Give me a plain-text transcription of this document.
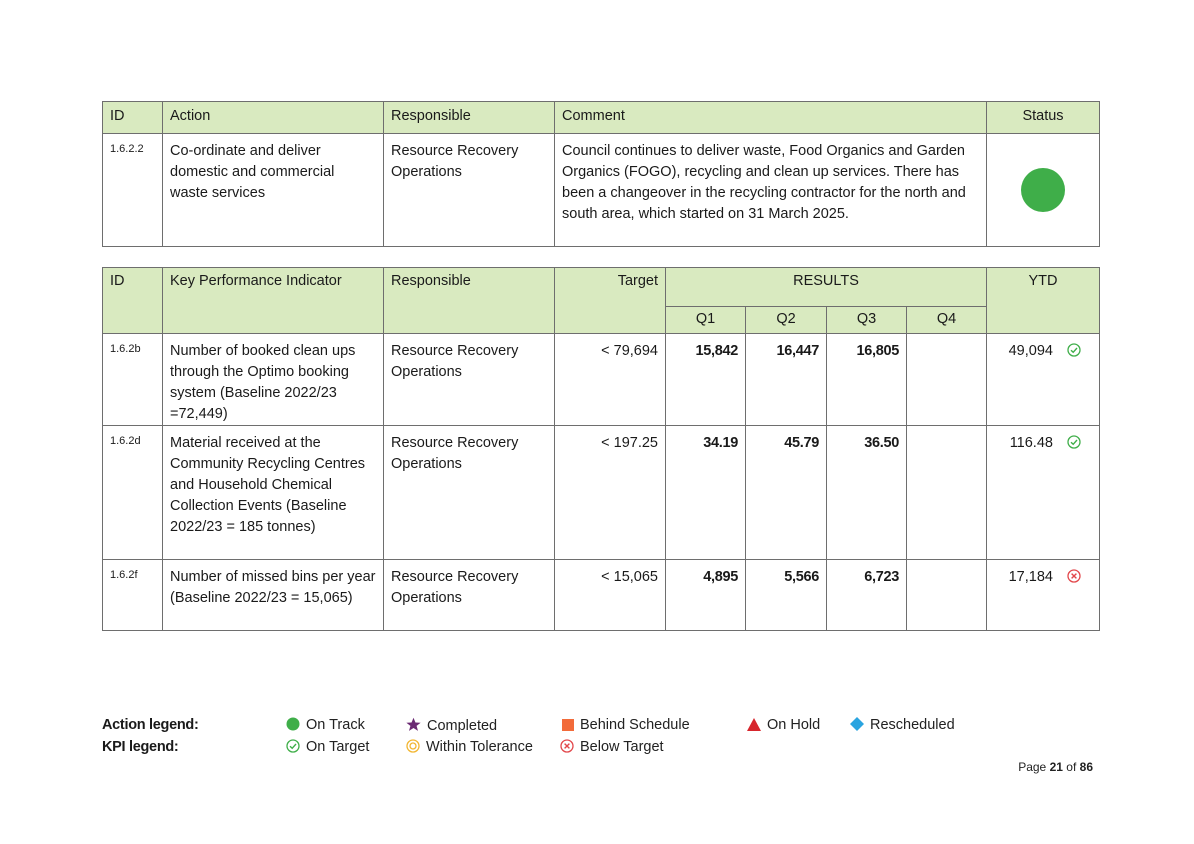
ID	Action	Responsible	Comment	Status
1.6.2.2	Co-ordinate and deliver domestic and commercial waste services	Resource Recovery Operations	Council continues to deliver waste, Food Organics and Garden Organics (FOGO), recycling and clean up services. There has been a changeover in the recycling contractor for the north and south area, which started on 31 March 2025.	
ID	Key Performance Indicator	Responsible	Target	RESULTS				YTD
				Q1	Q2	Q3	Q4	
1.6.2b	Number of booked clean ups through the Optimo booking system (Baseline 2022/23 =72,449)	Resource Recovery Operations	< 79,694	15,842	16,447	16,805		49,094
1.6.2d	Material received at the Community Recycling Centres and Household Chemical Collection Events (Baseline 2022/23 = 185 tonnes)	Resource Recovery Operations	< 197.25	34.19	45.79	36.50		116.48
1.6.2f	Number of missed bins per year (Baseline 2022/23 = 15,065)	Resource Recovery Operations	< 15,065	4,895	5,566	6,723		17,184
Action legend:
KPI legend:
On Track	Completed	Behind Schedule	On Hold	Rescheduled
On Target	Within Tolerance	Below Target
Page 21 of 86
